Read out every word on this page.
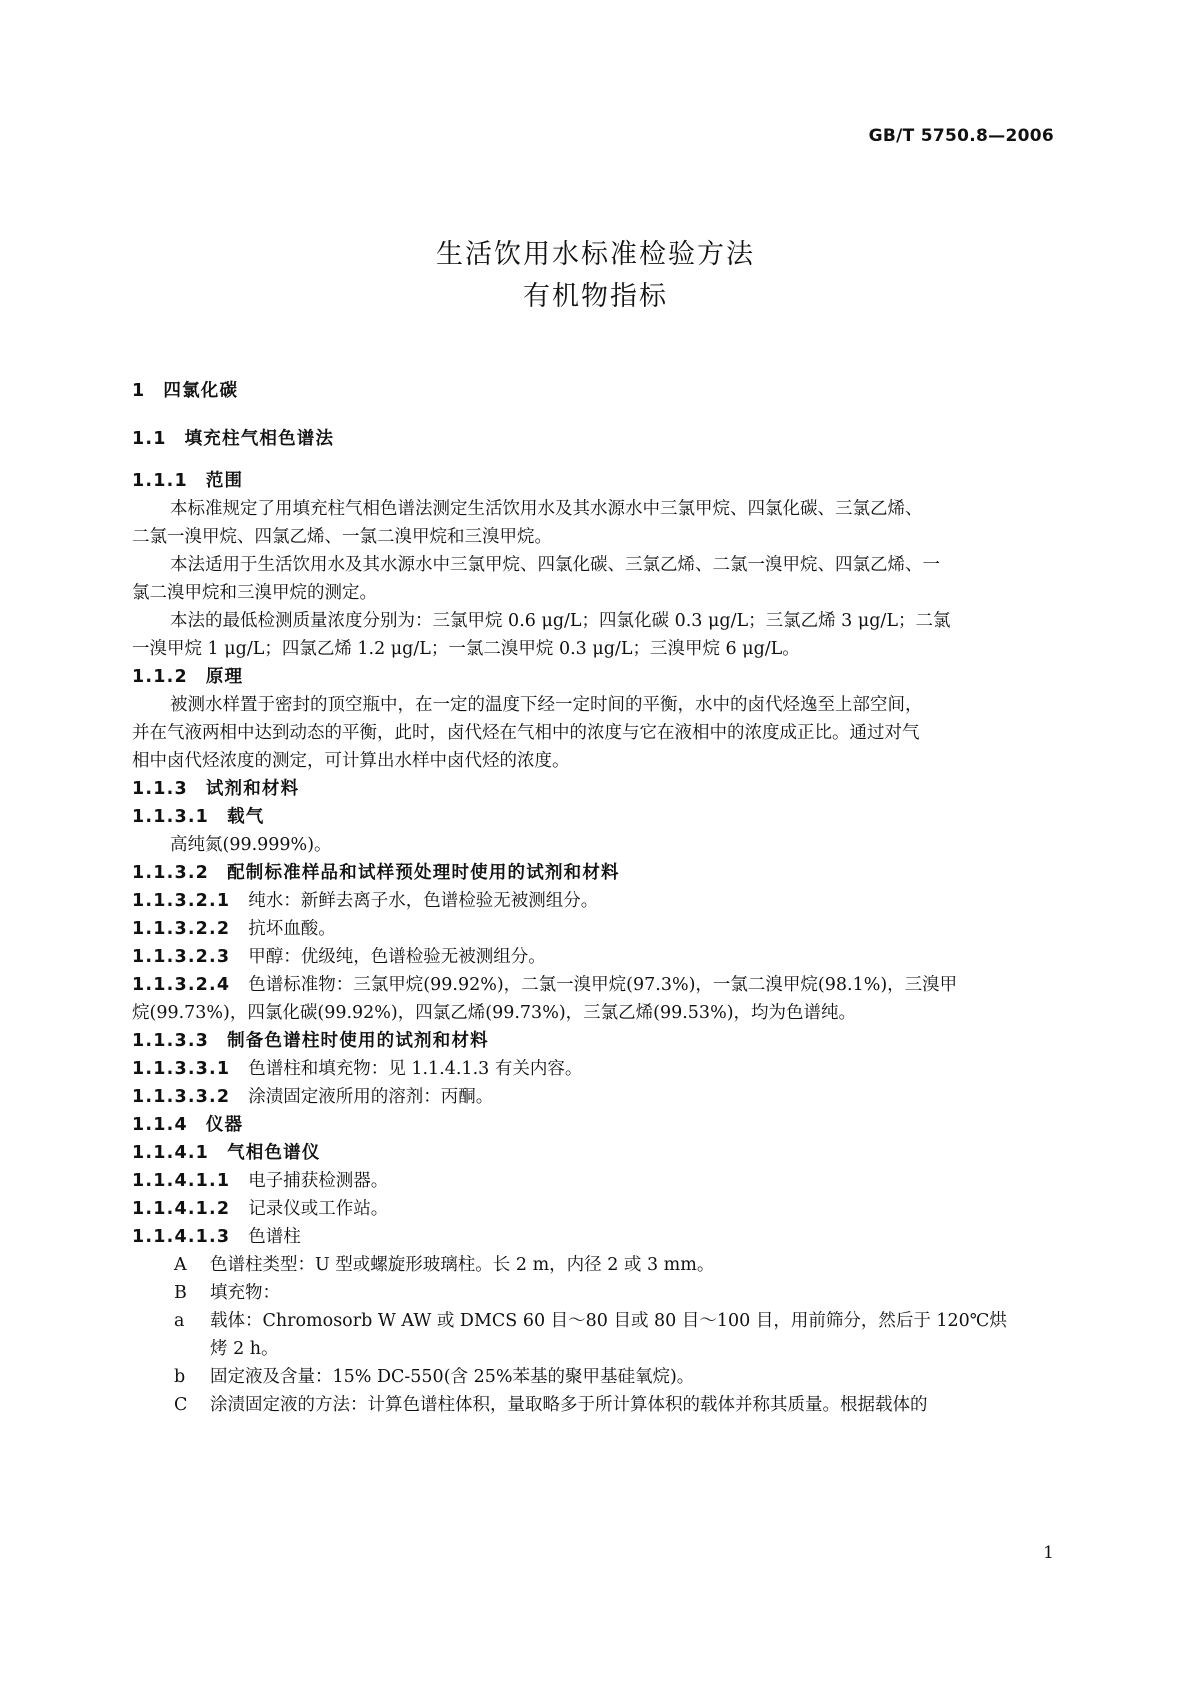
GB/T 5750.8—2006
生活饮用水标准检验方法
有机物指标
1 四氯化碳
1.1 填充柱气相色谱法
1.1.1 范围
本标准规定了用填充柱气相色谱法测定生活饮用水及其水源水中三氯甲烷、四氯化碳、三氯乙烯、
二氯一溴甲烷、四氯乙烯、一氯二溴甲烷和三溴甲烷。
本法适用于生活饮用水及其水源水中三氯甲烷、四氯化碳、三氯乙烯、二氯一溴甲烷、四氯乙烯、一
氯二溴甲烷和三溴甲烷的测定。
本法的最低检测质量浓度分别为：三氯甲烷 0.6 μg/L；四氯化碳 0.3 μg/L；三氯乙烯 3 μg/L；二氯
一溴甲烷 1 μg/L；四氯乙烯 1.2 μg/L；一氯二溴甲烷 0.3 μg/L；三溴甲烷 6 μg/L。
1.1.2 原理
被测水样置于密封的顶空瓶中，在一定的温度下经一定时间的平衡，水中的卤代烃逸至上部空间，
并在气液两相中达到动态的平衡，此时，卤代烃在气相中的浓度与它在液相中的浓度成正比。通过对气
相中卤代烃浓度的测定，可计算出水样中卤代烃的浓度。
1.1.3 试剂和材料
1.1.3.1 载气
高纯氮(99.999%)。
1.1.3.2 配制标准样品和试样预处理时使用的试剂和材料
1.1.3.2.1 纯水：新鲜去离子水，色谱检验无被测组分。
1.1.3.2.2 抗坏血酸。
1.1.3.2.3 甲醇：优级纯，色谱检验无被测组分。
1.1.3.2.4 色谱标准物：三氯甲烷(99.92%)，二氯一溴甲烷(97.3%)，一氯二溴甲烷(98.1%)，三溴甲
烷(99.73%)，四氯化碳(99.92%)，四氯乙烯(99.73%)，三氯乙烯(99.53%)，均为色谱纯。
1.1.3.3 制备色谱柱时使用的试剂和材料
1.1.3.3.1 色谱柱和填充物：见 1.1.4.1.3 有关内容。
1.1.3.3.2 涂渍固定液所用的溶剂：丙酮。
1.1.4 仪器
1.1.4.1 气相色谱仪
1.1.4.1.1 电子捕获检测器。
1.1.4.1.2 记录仪或工作站。
1.1.4.1.3 色谱柱
A 色谱柱类型：U 型或螺旋形玻璃柱。长 2 m，内径 2 或 3 mm。
B 填充物：
a 载体：Chromosorb W AW 或 DMCS 60 目～80 目或 80 目～100 目，用前筛分，然后于 120℃烘
烤 2 h。
b 固定液及含量：15% DC-550(含 25%苯基的聚甲基硅氧烷)。
C 涂渍固定液的方法：计算色谱柱体积，量取略多于所计算体积的载体并称其质量。根据载体的
1
